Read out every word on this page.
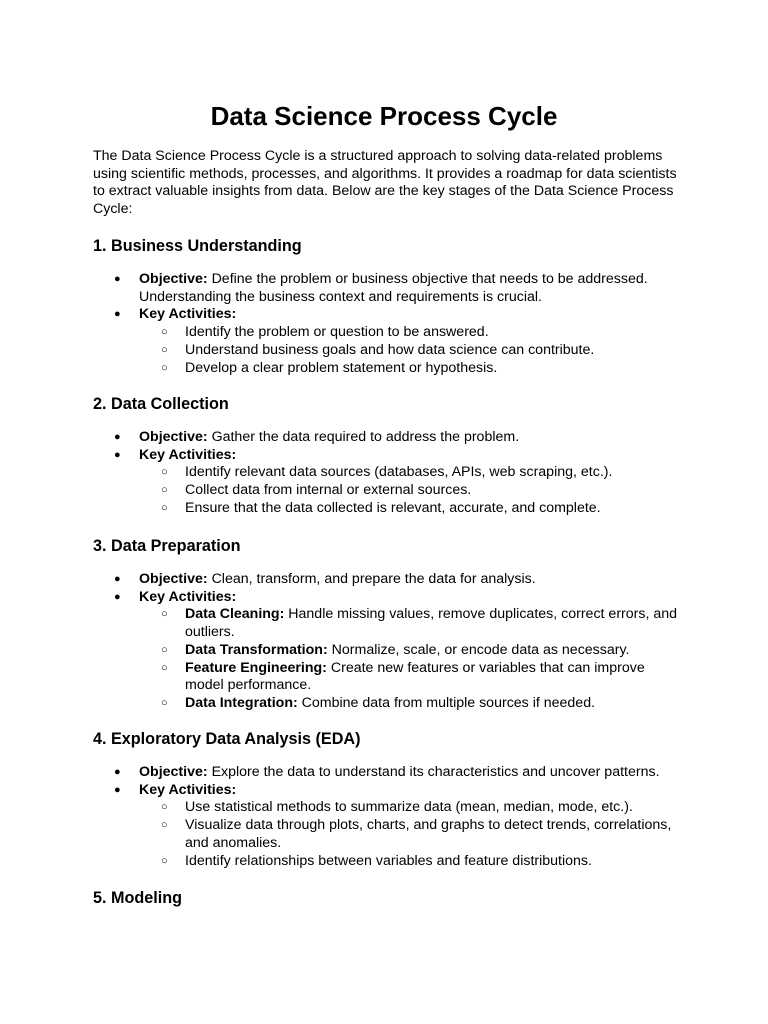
Data Science Process Cycle

The Data Science Process Cycle is a structured approach to solving data-related problems using scientific methods, processes, and algorithms. It provides a roadmap for data scientists to extract valuable insights from data. Below are the key stages of the Data Science Process Cycle:

1. Business Understanding
● Objective: Define the problem or business objective that needs to be addressed. Understanding the business context and requirements is crucial.
● Key Activities:
○ Identify the problem or question to be answered.
○ Understand business goals and how data science can contribute.
○ Develop a clear problem statement or hypothesis.
2. Data Collection
● Objective: Gather the data required to address the problem.
● Key Activities:
○ Identify relevant data sources (databases, APIs, web scraping, etc.).
○ Collect data from internal or external sources.
○ Ensure that the data collected is relevant, accurate, and complete.
3. Data Preparation
● Objective: Clean, transform, and prepare the data for analysis.
● Key Activities:
○ Data Cleaning: Handle missing values, remove duplicates, correct errors, and outliers.
○ Data Transformation: Normalize, scale, or encode data as necessary.
○ Feature Engineering: Create new features or variables that can improve model performance.
○ Data Integration: Combine data from multiple sources if needed.
4. Exploratory Data Analysis (EDA)
● Objective: Explore the data to understand its characteristics and uncover patterns.
● Key Activities:
○ Use statistical methods to summarize data (mean, median, mode, etc.).
○ Visualize data through plots, charts, and graphs to detect trends, correlations, and anomalies.
○ Identify relationships between variables and feature distributions.
5. Modeling
